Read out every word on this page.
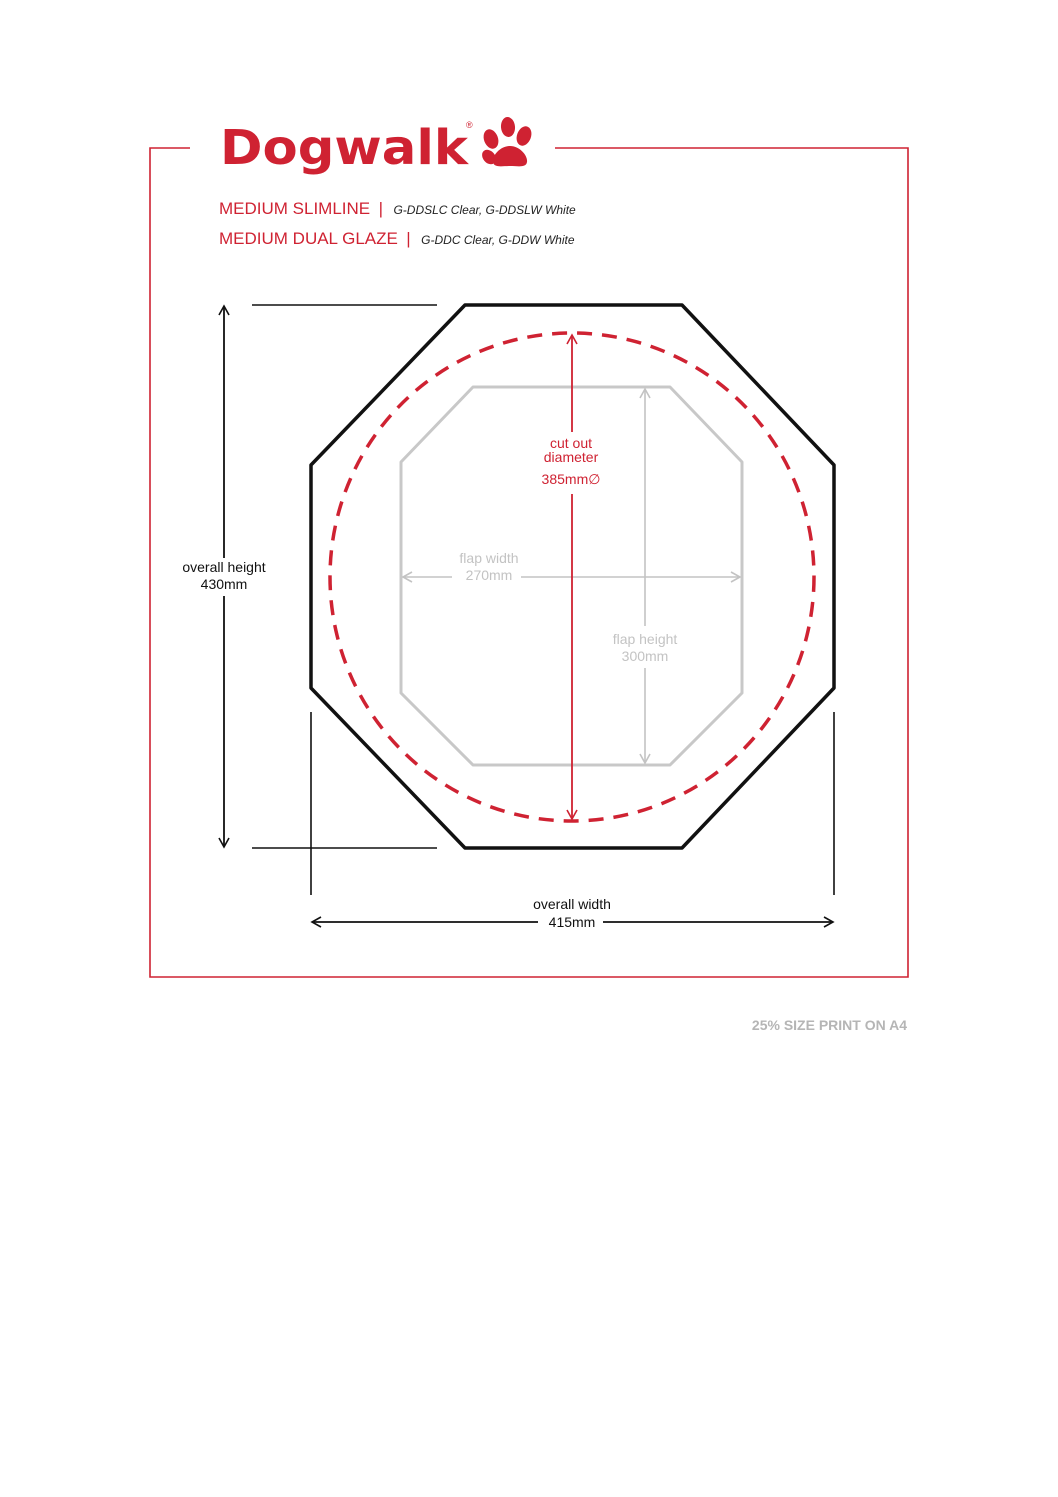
Dogwalk
®
MEDIUM SLIMLINE | G-DDSLC Clear, G-DDSLW White
MEDIUM DUAL GLAZE | G-DDC Clear, G-DDW White
overall height
430mm
overall width
415mm
flap width
270mm
flap height
300mm
cut out
diameter
385mm∅
25% SIZE PRINT ON A4
